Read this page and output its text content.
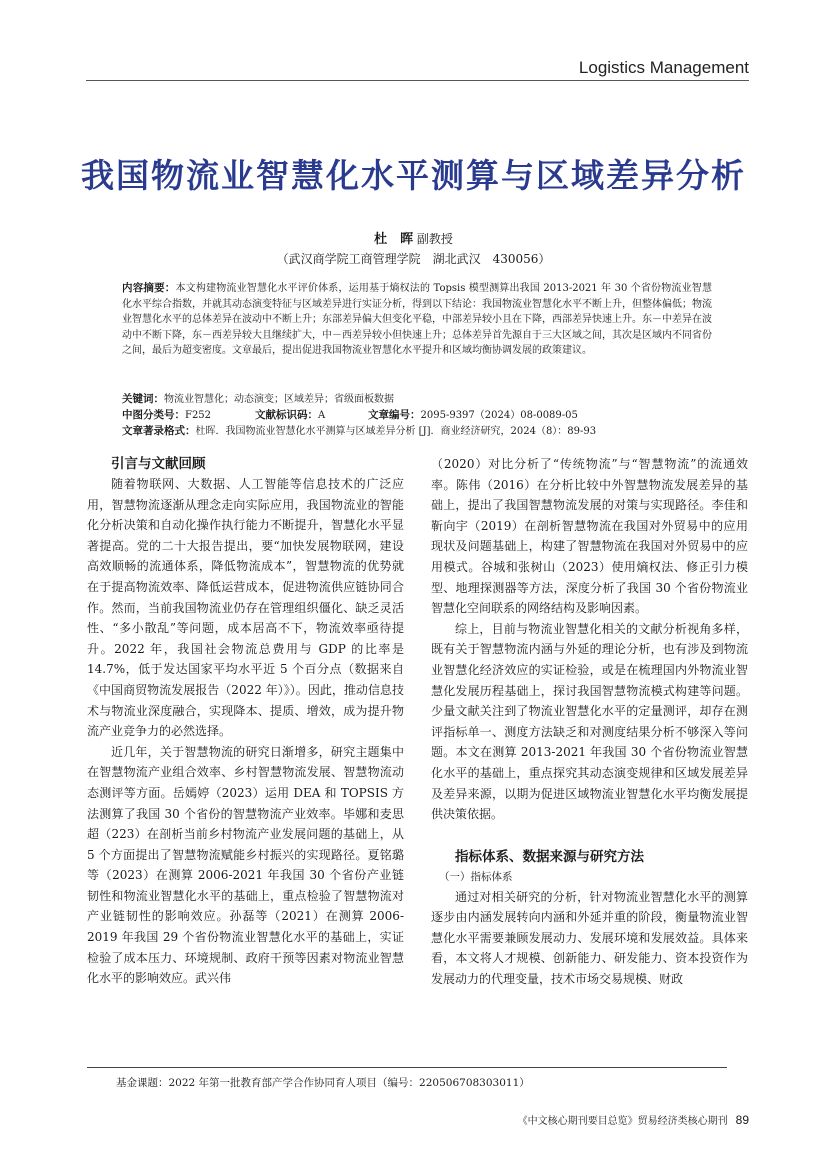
Logistics Management
我国物流业智慧化水平测算与区域差异分析
杜　晖 副教授
（武汉商学院工商管理学院　湖北武汉　430056）
内容摘要：本文构建物流业智慧化水平评价体系，运用基于熵权法的 Topsis 模型测算出我国 2013-2021 年 30 个省份物流业智慧化水平综合指数，并就其动态演变特征与区域差异进行实证分析，得到以下结论：我国物流业智慧化水平不断上升，但整体偏低；物流业智慧化水平的总体差异在波动中不断上升；东部差异偏大但变化平稳，中部差异较小且在下降，西部差异快速上升。东－中差异在波动中不断下降，东－西差异较大且继续扩大，中－西差异较小但快速上升；总体差异首先源自于三大区域之间，其次是区域内不同省份之间，最后为超变密度。文章最后，提出促进我国物流业智慧化水平提升和区域均衡协调发展的政策建议。
关键词：物流业智慧化；动态演变；区域差异；省级面板数据
中图分类号：F252	文献标识码：A	文章编号：2095-9397（2024）08-0089-05
文章著录格式：杜晖．我国物流业智慧化水平测算与区域差异分析 [J]．商业经济研究，2024（8）：89-93
引言与文献回顾

随着物联网、大数据、人工智能等信息技术的广泛应用，智慧物流逐渐从理念走向实际应用，我国物流业的智能化分析决策和自动化操作执行能力不断提升，智慧化水平显著提高。党的二十大报告提出，要“加快发展物联网，建设高效顺畅的流通体系，降低物流成本”，智慧物流的优势就在于提高物流效率、降低运营成本，促进物流供应链协同合作。然而，当前我国物流业仍存在管理组织僵化、缺乏灵活性、“多小散乱”等问题，成本居高不下，物流效率亟待提升。2022 年，我国社会物流总费用与 GDP 的比率是 14.7%，低于发达国家平均水平近 5 个百分点（数据来自《中国商贸物流发展报告（2022 年）》）。因此，推动信息技术与物流业深度融合，实现降本、提质、增效，成为提升物流产业竞争力的必然选择。

近几年，关于智慧物流的研究日渐增多，研究主题集中在智慧物流产业组合效率、乡村智慧物流发展、智慧物流动态测评等方面。岳嫣婷（2023）运用 DEA 和 TOPSIS 方法测算了我国 30 个省份的智慧物流产业效率。毕娜和麦思超（223）在剖析当前乡村物流产业发展问题的基础上，从 5 个方面提出了智慧物流赋能乡村振兴的实现路径。夏铭璐等（2023）在测算 2006-2021 年我国 30 个省份产业链韧性和物流业智慧化水平的基础上，重点检验了智慧物流对产业链韧性的影响效应。孙磊等（2021）在测算 2006-2019 年我国 29 个省份物流业智慧化水平的基础上，实证检验了成本压力、环境规制、政府干预等因素对物流业智慧化水平的影响效应。武兴伟

（2020）对比分析了“传统物流”与“智慧物流”的流通效率。陈伟（2016）在分析比较中外智慧物流发展差异的基础上，提出了我国智慧物流发展的对策与实现路径。李佳和靳向宇（2019）在剖析智慧物流在我国对外贸易中的应用现状及问题基础上，构建了智慧物流在我国对外贸易中的应用模式。谷城和张树山（2023）使用熵权法、修正引力模型、地理探测器等方法，深度分析了我国 30 个省份物流业智慧化空间联系的网络结构及影响因素。

综上，目前与物流业智慧化相关的文献分析视角多样，既有关于智慧物流内涵与外延的理论分析，也有涉及到物流业智慧化经济效应的实证检验，或是在梳理国内外物流业智慧化发展历程基础上，探讨我国智慧物流模式构建等问题。少量文献关注到了物流业智慧化水平的定量测评，却存在测评指标单一、测度方法缺乏和对测度结果分析不够深入等问题。本文在测算 2013-2021 年我国 30 个省份物流业智慧化水平的基础上，重点探究其动态演变规律和区域发展差异及差异来源，以期为促进区域物流业智慧化水平均衡发展提供决策依据。

指标体系、数据来源与研究方法
（一）指标体系

通过对相关研究的分析，针对物流业智慧化水平的测算逐步由内涵发展转向内涵和外延并重的阶段，衡量物流业智慧化水平需要兼顾发展动力、发展环境和发展效益。具体来看，本文将人才规模、创新能力、研发能力、资本投资作为发展动力的代理变量，技术市场交易规模、财政

基金课题：2022 年第一批教育部产学合作协同育人项目（编号：220506708303011）
《中文核心期刊要目总览》贸易经济类核心期刊 89
